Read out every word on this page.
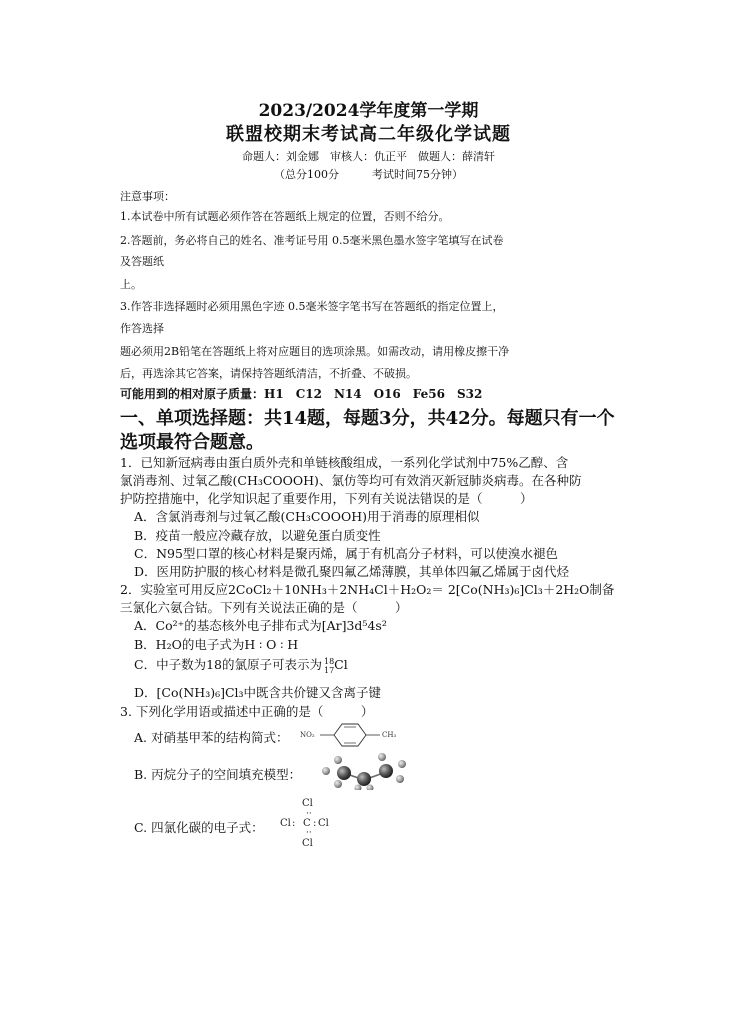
2023/2024学年度第一学期
联盟校期末考试高二年级化学试题
命题人：刘金娜　审核人：仇正平　做题人：薛清轩
（总分100分　　　考试时间75分钟）
注意事项：
1.本试卷中所有试题必须作答在答题纸上规定的位置，否则不给分。
2.答题前，务必将自己的姓名、准考证号用 0.5毫米黑色墨水签字笔填写在试卷
及答题纸
上。
3.作答非选择题时必须用黑色字迹 0.5毫米签字笔书写在答题纸的指定位置上，
作答选择
题必须用2B铅笔在答题纸上将对应题目的选项涂黑。如需改动，请用橡皮擦干净
后，再选涂其它答案，请保持答题纸清洁，不折叠、不破损。
可能用到的相对原子质量：H1　C12　N14　O16　Fe56　S32
一、单项选择题：共14题，每题3分，共42分。每题只有一个
选项最符合题意。
1．已知新冠病毒由蛋白质外壳和单链核酸组成，一系列化学试剂中75%乙醇、含
氯消毒剂、过氧乙酸(CH₃COOOH)、氯仿等均可有效消灭新冠肺炎病毒。在各种防
护防控措施中，化学知识起了重要作用，下列有关说法错误的是（　　　）
A．含氯消毒剂与过氧乙酸(CH₃COOOH)用于消毒的原理相似
B．疫苗一般应冷藏存放，以避免蛋白质变性
C．N95型口罩的核心材料是聚丙烯，属于有机高分子材料，可以使溴水褪色
D．医用防护服的核心材料是微孔聚四氟乙烯薄膜，其单体四氟乙烯属于卤代烃
2．实验室可用反应2CoCl₂＋10NH₃＋2NH₄Cl＋H₂O₂＝ 2[Co(NH₃)₆]Cl₃＋2H₂O制备
三氯化六氨合钴。下列有关说法正确的是（　　　）
A．Co²⁺的基态核外电子排布式为[Ar]3d⁵4s²
B．H₂O的电子式为H ∶ O ∶ H
C．中子数为18的氯原子可表示为 18
17Cl
D．[Co(NH₃)₆]Cl₃中既含共价键又含离子键
3. 下列化学用语或描述中正确的是（　　　）
A. 对硝基甲苯的结构简式： NO₂	CH₃
B. 丙烷分子的空间填充模型：
C. 四氯化碳的电子式：
Cl
··
Cl : C : Cl
··
Cl
